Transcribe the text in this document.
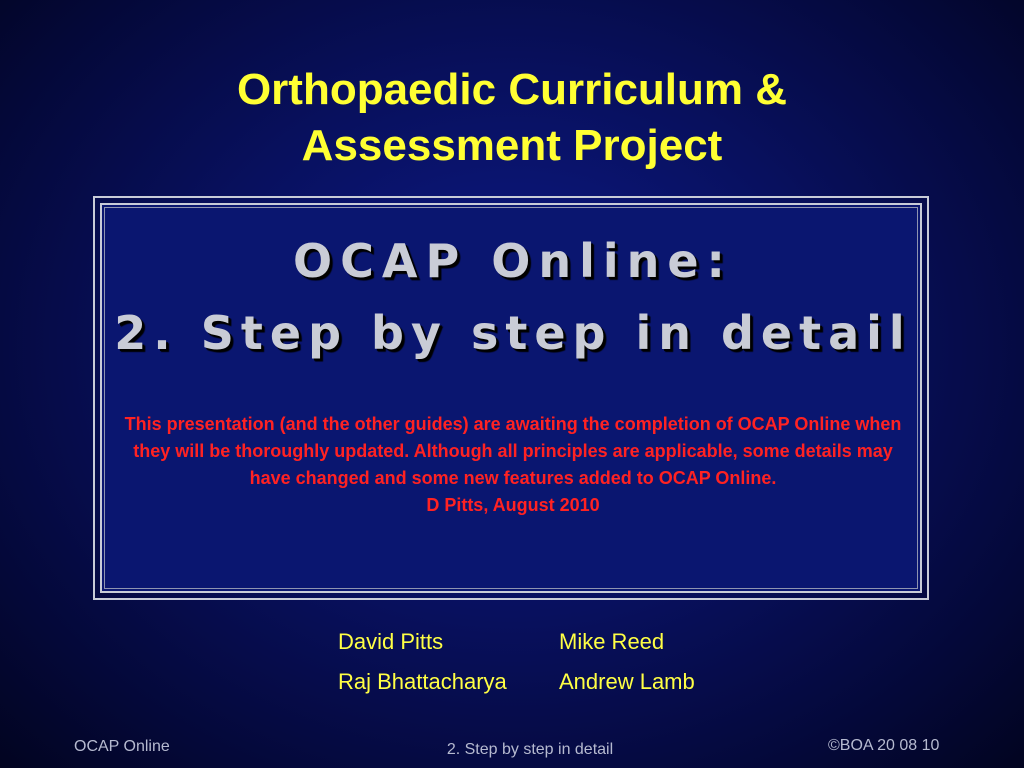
Orthopaedic Curriculum &
Assessment Project
OCAP Online:
2. Step by step in detail
This presentation (and the other guides) are awaiting the completion of OCAP Online when they will be thoroughly updated. Although all principles are applicable, some details may have changed and some new features added to OCAP Online.
D Pitts, August 2010
David Pitts	Mike Reed
Raj Bhattacharya	Andrew Lamb
OCAP Online	2. Step by step in detail	©BOA 20 08 10
